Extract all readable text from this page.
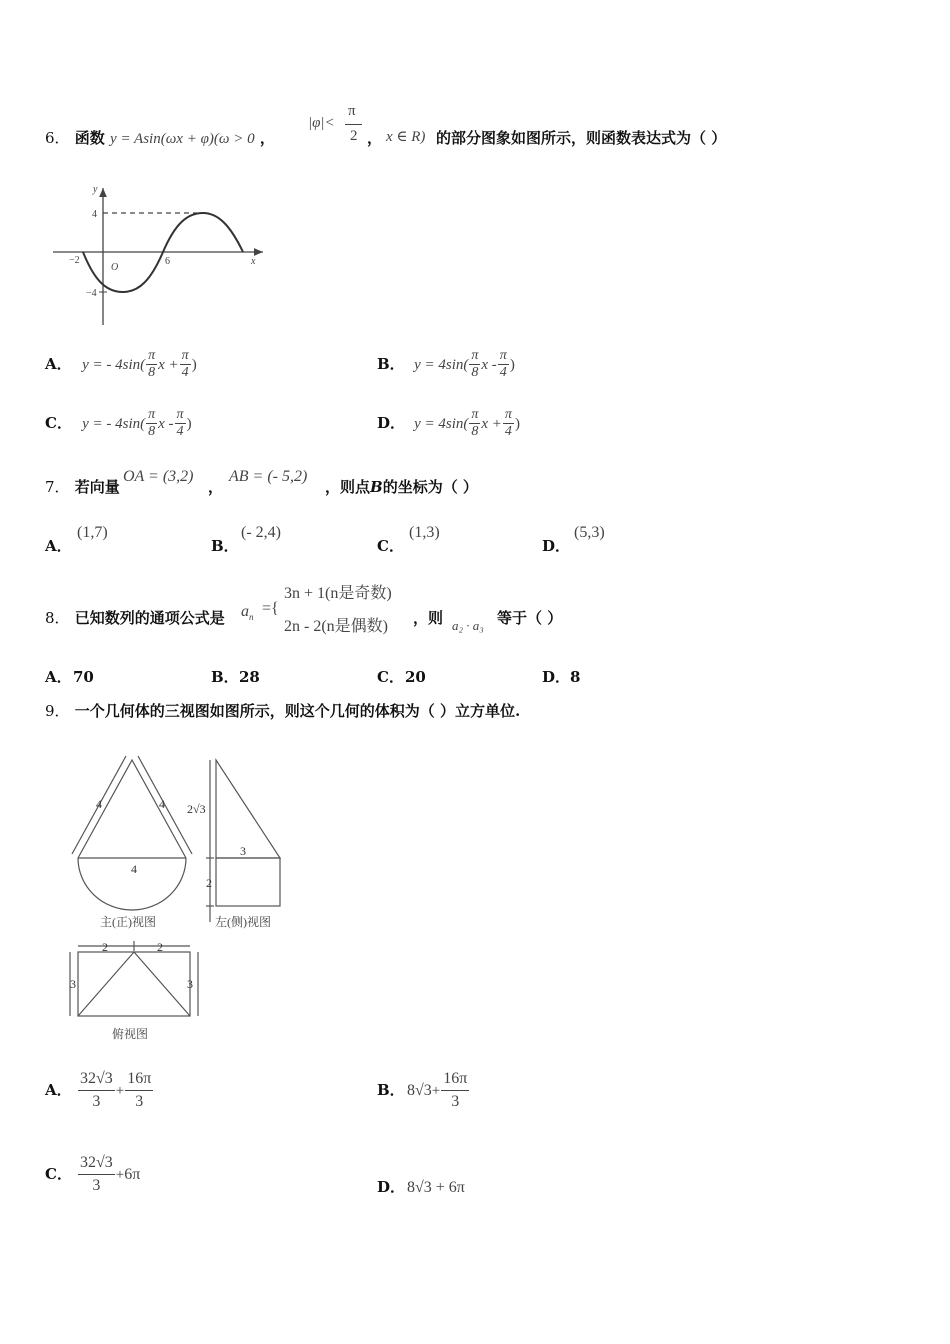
6． 函数 y = Asin(ωx + φ)(ω > 0 ，
|φ|<
π
2 ， x ∈ R) 的部分图象如图所示，则函数表达式为（ ）
y
x
O
4
−4
−2	6
A． y = - $4\sin( \frac{\pi}{8}$ $x + \frac{\pi}{4}$ )	B． $y = 4\sin( \frac{\pi}{8}$ x - $\frac{\pi}{4}$ )
C． y = - $4\sin( \frac{\pi}{8}$ x - $\frac{\pi}{4}$ )	D． $y = 4\sin( \frac{\pi}{8}$ $x + \frac{\pi}{4}$ )
7． 若向量
OA = (3,2)
，
AB = (- 5,2)
，则点B的坐标为（ ）
A．(1,7)
B．(- 2,4)
C．(1,3)
D．(5,3)
8． 已知数列的通项公式是 $a_n$
={
3n + 1(n是奇数)
2n - 2(n是偶数) ，则 a₂ · a₃ 等于（ ）
A．70	B．28	C．20	D．8
9． 一个几何体的三视图如图所示，则这个几何的体积为（ ）立方单位.
4	4
4
2√3
3
2
2	2
3	3
主(正)视图	左(侧)视图
俯视图
A． $\frac{32√3}{3} + \frac{16\pi}{3}$	B． $8√3+ \frac{16\pi}{3}$
C． $\frac{32√3}{3} +6\pi$
D． 8√3 + 6π
